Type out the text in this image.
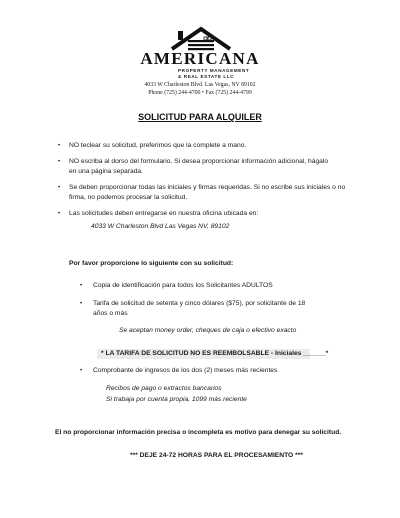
AMERICANA
PROPERTY MANAGEMENT
& REAL ESTATE LLC
4033 W Charleston Blvd. Las Vegas, NV 89102
Phone (725) 244-4700 • Fax (725) 244-4799
SOLICITUD PARA ALQUILER
• NO teclear su solicitud, preferimos que la complete a mano.
• NO escriba al dorso del formulario. Si desea proporcionar información adicional, hágalo
en una página separada.
• Se deben proporcionar todas las iniciales y firmas requeridas. Si no escribe sus iniciales o no
firma, no podemos procesar la solicitud.
• Las solicitudes deben entregarse en nuestra oficina ubicada en:
4033 W Charleston Blvd Las Vegas NV, 89102
Por favor proporcione lo siguiente con su solicitud:
• Copia de identificación para todos los Solicitantes ADULTOS
• Tarifa de solicitud de setenta y cinco dólares ($75), por solicitante de 18
años o más
Se aceptan money order, cheques de caja o efectivo exacto
* LA TARIFA DE SOLICITUD NO ES REEMBOLSABLE - Iniciales ______*
• Comprobante de ingresos de los dos (2) meses más recientes
Recibos de pago o extractos bancarios
Si trabaja por cuenta propia, 1099 más reciente
El no proporcionar información precisa o incompleta es motivo para denegar su solicitud.
*** DEJE 24-72 HORAS PARA EL PROCESAMIENTO ***
